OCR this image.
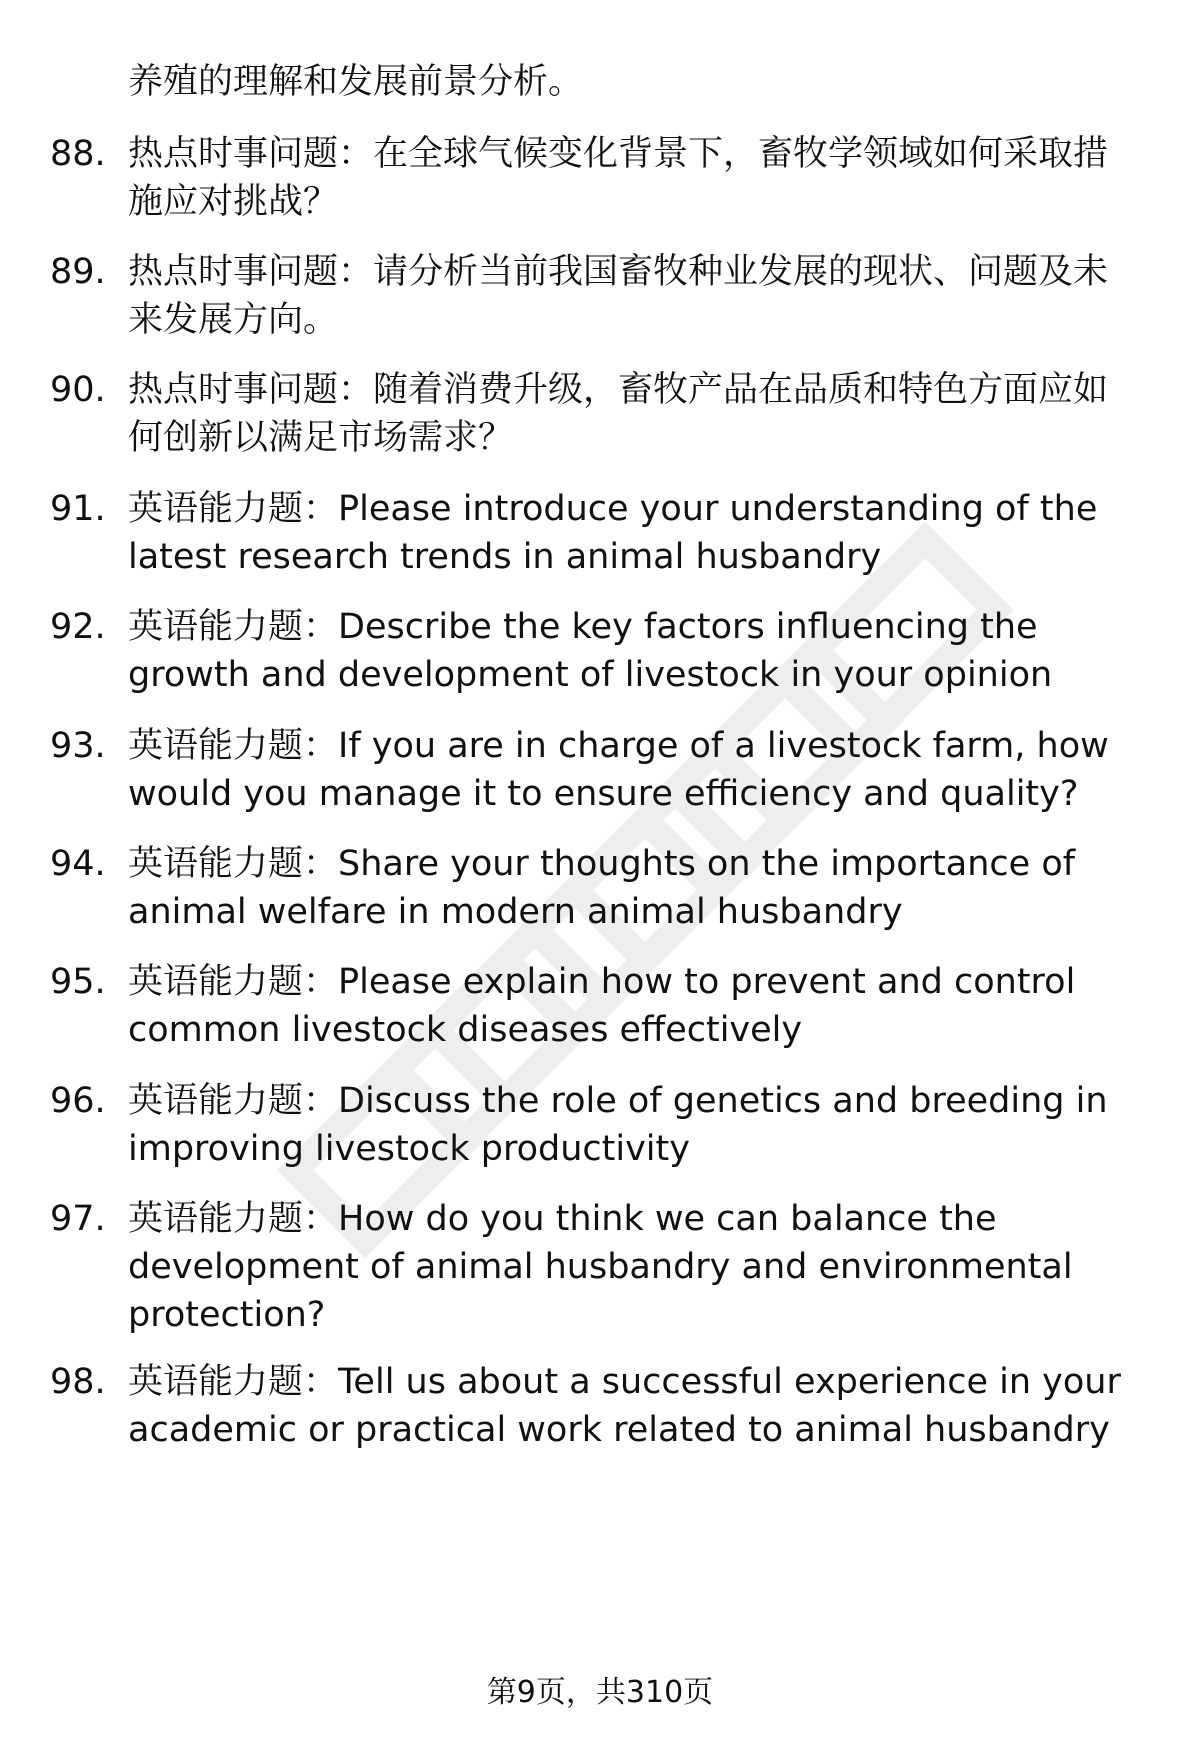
养殖的理解和发展前景分析。

88. 热点时事问题：在全球气候变化背景下，畜牧学领域如何采取措施应对挑战？

89. 热点时事问题：请分析当前我国畜牧种业发展的现状、问题及未来发展方向。

90. 热点时事问题：随着消费升级，畜牧产品在品质和特色方面应如何创新以满足市场需求？

91. 英语能力题：Please introduce your understanding of the latest research trends in animal husbandry

92. 英语能力题：Describe the key factors influencing the growth and development of livestock in your opinion

93. 英语能力题：If you are in charge of a livestock farm, how would you manage it to ensure efficiency and quality?

94. 英语能力题：Share your thoughts on the importance of animal welfare in modern animal husbandry

95. 英语能力题：Please explain how to prevent and control common livestock diseases effectively

96. 英语能力题：Discuss the role of genetics and breeding in improving livestock productivity

97. 英语能力题：How do you think we can balance the development of animal husbandry and environmental protection?

98. 英语能力题：Tell us about a successful experience in your academic or practical work related to animal husbandry

第9页，共310页
